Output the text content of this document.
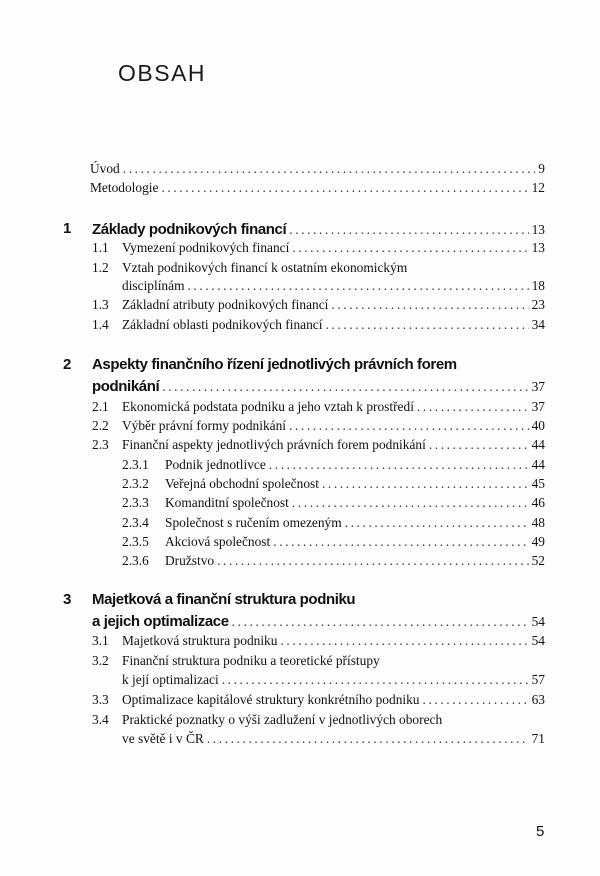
OBSAH
Úvod .....	9
Metodologie .....	12
1 Základy podnikových financí .....	13
1.1 Vymezení podnikových financí .....	13
1.2 Vztah podnikových financí k ostatním ekonomickým
disciplínám .....	18
1.3 Základní atributy podnikových financí .....	23
1.4 Základní oblasti podnikových financí .....	34
2 Aspekty finančního řízení jednotlivých právních forem
podnikání .....	37
2.1 Ekonomická podstata podniku a jeho vztah k prostředí .....	37
2.2 Výběr právní formy podnikání .....	40
2.3 Finanční aspekty jednotlivých právních forem podnikání .....	44
2.3.1 Podnik jednotlivce .....	44
2.3.2 Veřejná obchodní společnost .....	45
2.3.3 Komanditní společnost .....	46
2.3.4 Společnost s ručením omezeným .....	48
2.3.5 Akciová společnost .....	49
2.3.6 Družstvo .....	52
3 Majetková a finanční struktura podniku
a jejich optimalizace .....	54
3.1 Majetková struktura podniku .....	54
3.2 Finanční struktura podniku a teoretické přístupy
k její optimalizaci .....	57
3.3 Optimalizace kapitálové struktury konkrétního podniku .....	63
3.4 Praktické poznatky o výši zadlužení v jednotlivých oborech
ve světě i v ČR .....	71
5
